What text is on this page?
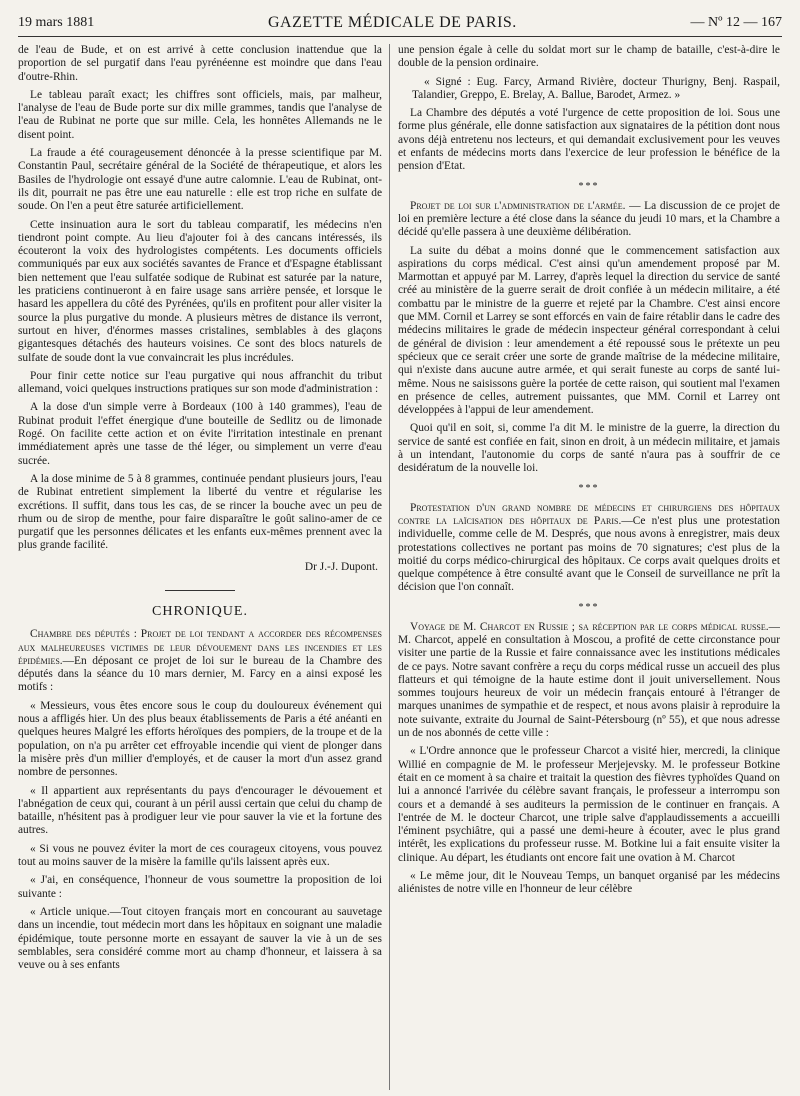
19 mars 1881	GAZETTE MÉDICALE DE PARIS.	— Nº 12 — 167

de l'eau de Bude, et on est arrivé à cette conclusion inattendue que la proportion de sel purgatif dans l'eau pyrénéenne est moindre que dans l'eau d'outre-Rhin.

Le tableau paraît exact; les chiffres sont officiels, mais, par malheur, l'analyse de l'eau de Bude porte sur dix mille grammes, tandis que l'analyse de l'eau de Rubinat ne porte que sur mille. Cela, les honnêtes Allemands ne le disent point.

La fraude a été courageusement dénoncée à la presse scientifique par M. Constantin Paul, secrétaire général de la Société de thérapeutique, et alors les Basiles de l'hydrologie ont essayé d'une autre calomnie. L'eau de Rubinat, ont-ils dit, pourrait ne pas être une eau naturelle : elle est trop riche en sulfate de soude. On l'en a peut être saturée artificiellement.

Cette insinuation aura le sort du tableau comparatif, les médecins n'en tiendront point compte. Au lieu d'ajouter foi à des cancans intéressés, ils écouteront la voix des hydrologistes compétents. Les documents officiels communiqués par eux aux sociétés savantes de France et d'Espagne établissant bien nettement que l'eau sulfatée sodique de Rubinat est saturée par la nature, les praticiens continueront à en faire usage sans arrière pensée, et lorsque le hasard les appellera du côté des Pyrénées, qu'ils en profitent pour aller visiter la source la plus purgative du monde. A plusieurs mètres de distance ils verront, surtout en hiver, d'énormes masses cristalines, semblables à des glaçons gigantesques détachés des hauteurs voisines. Ce sont des blocs naturels de sulfate de soude dont la vue convaincrait les plus incrédules.

Pour finir cette notice sur l'eau purgative qui nous affranchit du tribut allemand, voici quelques instructions pratiques sur son mode d'administration :

A la dose d'un simple verre à Bordeaux (100 à 140 grammes), l'eau de Rubinat produit l'effet énergique d'une bouteille de Sedlitz ou de limonade Rogé. On facilite cette action et on évite l'irritation intestinale en prenant immédiatement après une tasse de thé léger, ou simplement un verre d'eau sucrée.

A la dose minime de 5 à 8 grammes, continuée pendant plusieurs jours, l'eau de Rubinat entretient simplement la liberté du ventre et régularise les excrétions. Il suffit, dans tous les cas, de se rincer la bouche avec un peu de rhum ou de sirop de menthe, pour faire disparaître le goût salino-amer de ce purgatif que les personnes délicates et les enfants eux-mêmes prennent avec la plus grande facilité.

Dr J.-J. Dupont.
CHRONIQUE.

Chambre des députés : Projet de loi tendant a accorder des récompenses aux malheureuses victimes de leur dévouement dans les incendies et les épidémies.—En déposant ce projet de loi sur le bureau de la Chambre des députés dans la séance du 10 mars dernier, M. Farcy en a ainsi exposé les motifs :

« Messieurs, vous êtes encore sous le coup du douloureux événement qui nous a affligés hier. Un des plus beaux établissements de Paris a été anéanti en quelques heures Malgré les efforts héroïques des pompiers, de la troupe et de la population, on n'a pu arrêter cet effroyable incendie qui vient de plonger dans la misère près d'un millier d'employés, et de causer la mort d'un assez grand nombre de personnes.

« Il appartient aux représentants du pays d'encourager le dévouement et l'abnégation de ceux qui, courant à un péril aussi certain que celui du champ de bataille, n'hésitent pas à prodiguer leur vie pour sauver la vie et la fortune des autres.

« Si vous ne pouvez éviter la mort de ces courageux citoyens, vous pouvez tout au moins sauver de la misère la famille qu'ils laissent après eux.

« J'ai, en conséquence, l'honneur de vous soumettre la proposition de loi suivante :

« Article unique.—Tout citoyen français mort en concourant au sauvetage dans un incendie, tout médecin mort dans les hôpitaux en soignant une maladie épidémique, toute personne morte en essayant de sauver la vie à un de ses semblables, sera considéré comme mort au champ d'honneur, et laissera à sa veuve ou à ses enfants

une pension égale à celle du soldat mort sur le champ de bataille, c'est-à-dire le double de la pension ordinaire.

« Signé : Eug. Farcy, Armand Rivière, docteur Thurigny, Benj. Raspail, Talandier, Greppo, E. Brelay, A. Ballue, Barodet, Armez. »

La Chambre des députés a voté l'urgence de cette proposition de loi. Sous une forme plus générale, elle donne satisfaction aux signataires de la pétition dont nous avons déjà entretenu nos lecteurs, et qui demandait exclusivement pour les veuves et enfants de médecins morts dans l'exercice de leur profession le bénéfice de la pension d'Etat.

***

Projet de loi sur l'administration de l'armée. — La discussion de ce projet de loi en première lecture a été close dans la séance du jeudi 10 mars, et la Chambre a décidé qu'elle passera à une deuxième délibération.

La suite du débat a moins donné que le commencement satisfaction aux aspirations du corps médical. C'est ainsi qu'un amendement proposé par M. Marmottan et appuyé par M. Larrey, d'après lequel la direction du service de santé créé au ministère de la guerre serait de droit confiée à un médecin militaire, a été combattu par le ministre de la guerre et rejeté par la Chambre. C'est ainsi encore que MM. Cornil et Larrey se sont efforcés en vain de faire rétablir dans le cadre des médecins militaires le grade de médecin inspecteur général correspondant à celui de général de division : leur amendement a été repoussé sous le prétexte un peu spécieux que ce serait créer une sorte de grande maîtrise de la médecine militaire, qui n'existe dans aucune autre armée, et qui serait funeste au corps de santé lui-même. Nous ne saisissons guère la portée de cette raison, qui soutient mal l'examen en présence de celles, autrement puissantes, que MM. Cornil et Larrey ont développées à l'appui de leur amendement.

Quoi qu'il en soit, si, comme l'a dit M. le ministre de la guerre, la direction du service de santé est confiée en fait, sinon en droit, à un médecin militaire, et jamais à un intendant, l'autonomie du corps de santé n'aura pas à souffrir de ce desidératum de la nouvelle loi.

***

Protestation d'un grand nombre de médecins et chirurgiens des hôpitaux contre la laïcisation des hôpitaux de Paris.—Ce n'est plus une protestation individuelle, comme celle de M. Després, que nous avons à enregistrer, mais deux protestations collectives ne portant pas moins de 70 signatures; c'est plus de la moitié du corps médico-chirurgical des hôpitaux. Ce corps avait quelques droits et quelque compétence à être consulté avant que le Conseil de surveillance ne prît la décision que l'on connaît.

***

Voyage de M. Charcot en Russie ; sa réception par le corps médical russe.—M. Charcot, appelé en consultation à Moscou, a profité de cette circonstance pour visiter une partie de la Russie et faire connaissance avec les institutions médicales de ce pays. Notre savant confrère a reçu du corps médical russe un accueil des plus flatteurs et qui témoigne de la haute estime dont il jouit universellement. Nous sommes toujours heureux de voir un médecin français entouré à l'étranger de marques unanimes de sympathie et de respect, et nous avons plaisir à reproduire la note suivante, extraite du Journal de Saint-Pétersbourg (nº 55), et que nous adresse un de nos abonnés de cette ville :

« L'Ordre annonce que le professeur Charcot a visité hier, mercredi, la clinique Willié en compagnie de M. le professeur Merjejevsky. M. le professeur Botkine était en ce moment à sa chaire et traitait la question des fièvres typhoïdes Quand on lui a annoncé l'arrivée du célèbre savant français, le professeur a interrompu son cours et a demandé à ses auditeurs la permission de le continuer en français. A l'entrée de M. le docteur Charcot, une triple salve d'applaudissements a accueilli l'éminent psychiâtre, qui a passé une demi-heure à écouter, avec le plus grand intérêt, les explications du professeur russe. M. Botkine lui a fait ensuite visiter la clinique. Au départ, les étudiants ont encore fait une ovation à M. Charcot

« Le même jour, dit le Nouveau Temps, un banquet organisé par les médecins aliénistes de notre ville en l'honneur de leur célèbre
